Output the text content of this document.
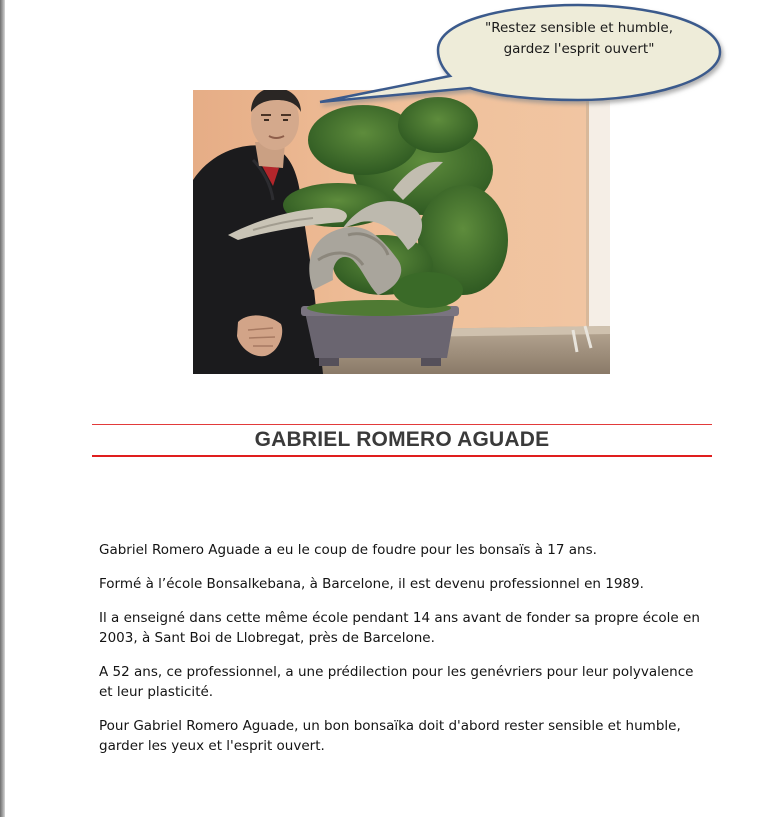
"Restez sensible et humble,
gardez l'esprit ouvert"
GABRIEL ROMERO AGUADE

Gabriel Romero Aguade a eu le coup de foudre pour les bonsaïs à 17 ans.

Formé à l’école Bonsalkebana, à Barcelone, il est devenu professionnel en 1989.

Il a enseigné dans cette même école pendant 14 ans avant de fonder sa propre école en 2003, à Sant Boi de Llobregat, près de Barcelone.

A 52 ans, ce professionnel, a une prédilection pour les genévriers pour leur polyvalence et leur plasticité.

Pour Gabriel Romero Aguade, un bon bonsaïka doit d'abord rester sensible et humble, garder les yeux et l'esprit ouvert.
